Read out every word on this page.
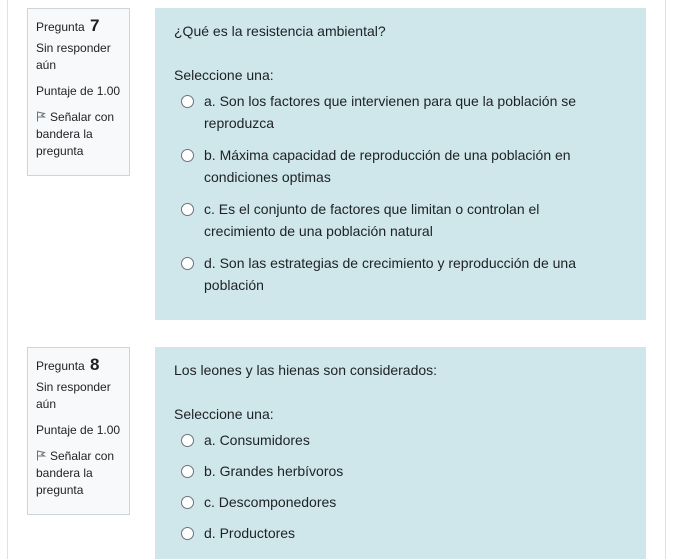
Pregunta 7
Sin responder aún
Puntaje de 1.00
Señalar con bandera la pregunta
¿Qué es la resistencia ambiental?
Seleccione una:
a. Son los factores que intervienen para que la población se reproduzca
b. Máxima capacidad de reproducción de una población en condiciones optimas
c. Es el conjunto de factores que limitan o controlan el crecimiento de una población natural
d. Son las estrategias de crecimiento y reproducción de una población
Pregunta 8
Sin responder aún
Puntaje de 1.00
Señalar con bandera la pregunta
Los leones y las hienas son considerados:
Seleccione una:
a. Consumidores
b. Grandes herbívoros
c. Descomponedores
d. Productores
